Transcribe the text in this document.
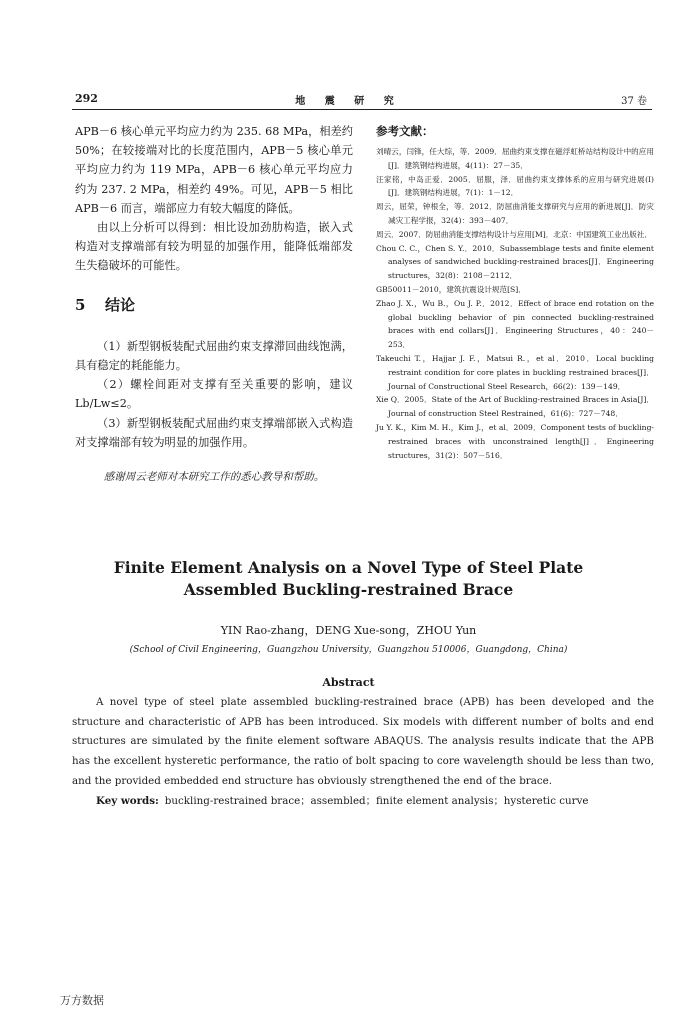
292	地 震 研 究	37 卷

APB－6 核心单元平均应力约为 235. 68 MPa，相差约50%；在较接端对比的长度范围内，APB－5 核心单元平均应力约为 119 MPa，APB－6 核心单元平均应力约为 237. 2 MPa，相差约 49%。可见，APB－5 相比 APB－6 而言，端部应力有较大幅度的降低。

由以上分析可以得到：相比设加劲肋构造，嵌入式构造对支撑端部有较为明显的加强作用，能降低端部发生失稳破坏的可能性。

5 结论

（1）新型钢板装配式屈曲约束支撑滞回曲线饱满，具有稳定的耗能能力。

（2）螺栓间距对支撑有至关重要的影响，建议 Lb/Lw≤2。

（3）新型钢板装配式屈曲约束支撑端部嵌入式构造对支撑端部有较为明显的加强作用。

感谢周云老师对本研究工作的悉心教导和帮助。

参考文献：

刘晴云，闫锋，任大综，等．2009．屈曲约束支撑在磁浮虹桥站结构设计中的应用[J]．建筑钢结构进展，4(11)：27－35．

汪家铭，中岛正爱．2005．屈服，泽．屈曲约束支撑体系的应用与研究进展(I)[J]．建筑钢结构进展，7(1)：1－12．

周云，屈荣，钟根全，等．2012．防屈曲消能支撑研究与应用的新进展[J]．防灾减灾工程学报，32(4)：393－407．

周云．2007．防屈曲消能支撑结构设计与应用[M]．北京：中国建筑工业出版社．

Chou C. C.，Chen S. Y.．2010．Subassemblage tests and finite element analyses of sandwiched buckling-restrained braces[J]．Engineering structures，32(8)：2108－2112．

GB50011－2010，建筑抗震设计规范[S]．

Zhao J. X.，Wu B.，Ou J. P.．2012．Effect of brace end rotation on the global buckling behavior of pin connected buckling-restrained braces with end collars[J]．Engineering Structures，40：240－253．

Takeuchi T.，Hajjar J. F.，Matsui R.，et al．2010．Local buckling restraint condition for core plates in buckling restrained braces[J]．Journal of Constructional Steel Research，66(2)：139－149．

Xie Q．2005．State of the Art of Buckling-restrained Braces in Asia[J]．Journal of construction Steel Restrained，61(6)：727－748．

Ju Y. K.，Kim M. H.，Kim J.，et al．2009．Component tests of buckling-restrained braces with unconstrained length[J]．Engineering structures，31(2)：507－516．

Finite Element Analysis on a Novel Type of Steel Plate
Assembled Buckling-restrained Brace
YIN Rao-zhang，DENG Xue-song，ZHOU Yun
(School of Civil Engineering，Guangzhou University，Guangzhou 510006，Guangdong，China)
Abstract

A novel type of steel plate assembled buckling-restrained brace (APB) has been developed and the structure and characteristic of APB has been introduced. Six models with different number of bolts and end structures are simulated by the finite element software ABAQUS. The analysis results indicate that the APB has the excellent hysteretic performance, the ratio of bolt spacing to core wavelength should be less than two, and the provided embedded end structure has obviously strengthened the end of the brace.

Key words: buckling-restrained brace；assembled；finite element analysis；hysteretic curve
万方数据
